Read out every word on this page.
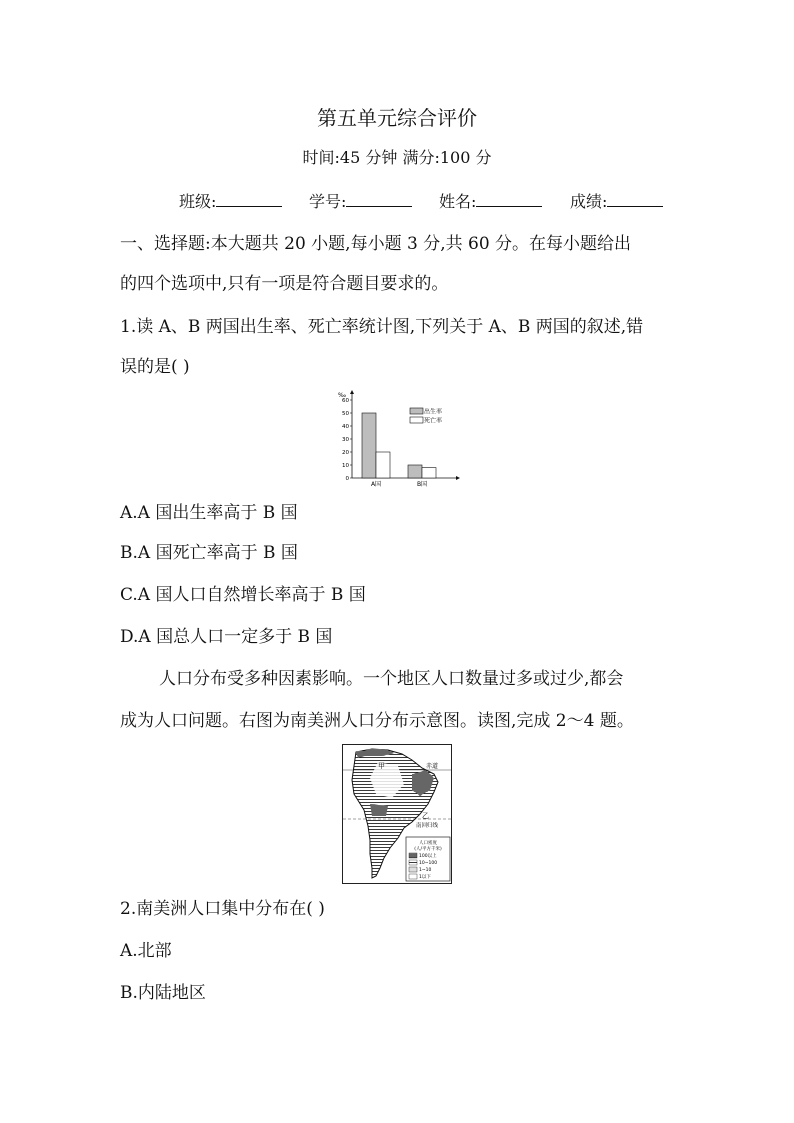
第五单元综合评价
时间:45 分钟 满分:100 分
班级:	学号:	姓名:	成绩:
一、选择题:本大题共 20 小题,每小题 3 分,共 60 分。在每小题给出
的四个选项中,只有一项是符合题目要求的。
1.读 A、B 两国出生率、死亡率统计图,下列关于 A、B 两国的叙述,错
误的是( )
‰
0
10
20
30
40
50
60
A国	B国
出生率
死亡率
A.A 国出生率高于 B 国
B.A 国死亡率高于 B 国
C.A 国人口自然增长率高于 B 国
D.A 国总人口一定多于 B 国
人口分布受多种因素影响。一个地区人口数量过多或过少,都会
成为人口问题。右图为南美洲人口分布示意图。读图,完成 2～4 题。
甲	赤道
乙
南回归线
人口密度
(人/平方千米)
100以上
10~100
1~10
1以下
2.南美洲人口集中分布在( )
A.北部
B.内陆地区
